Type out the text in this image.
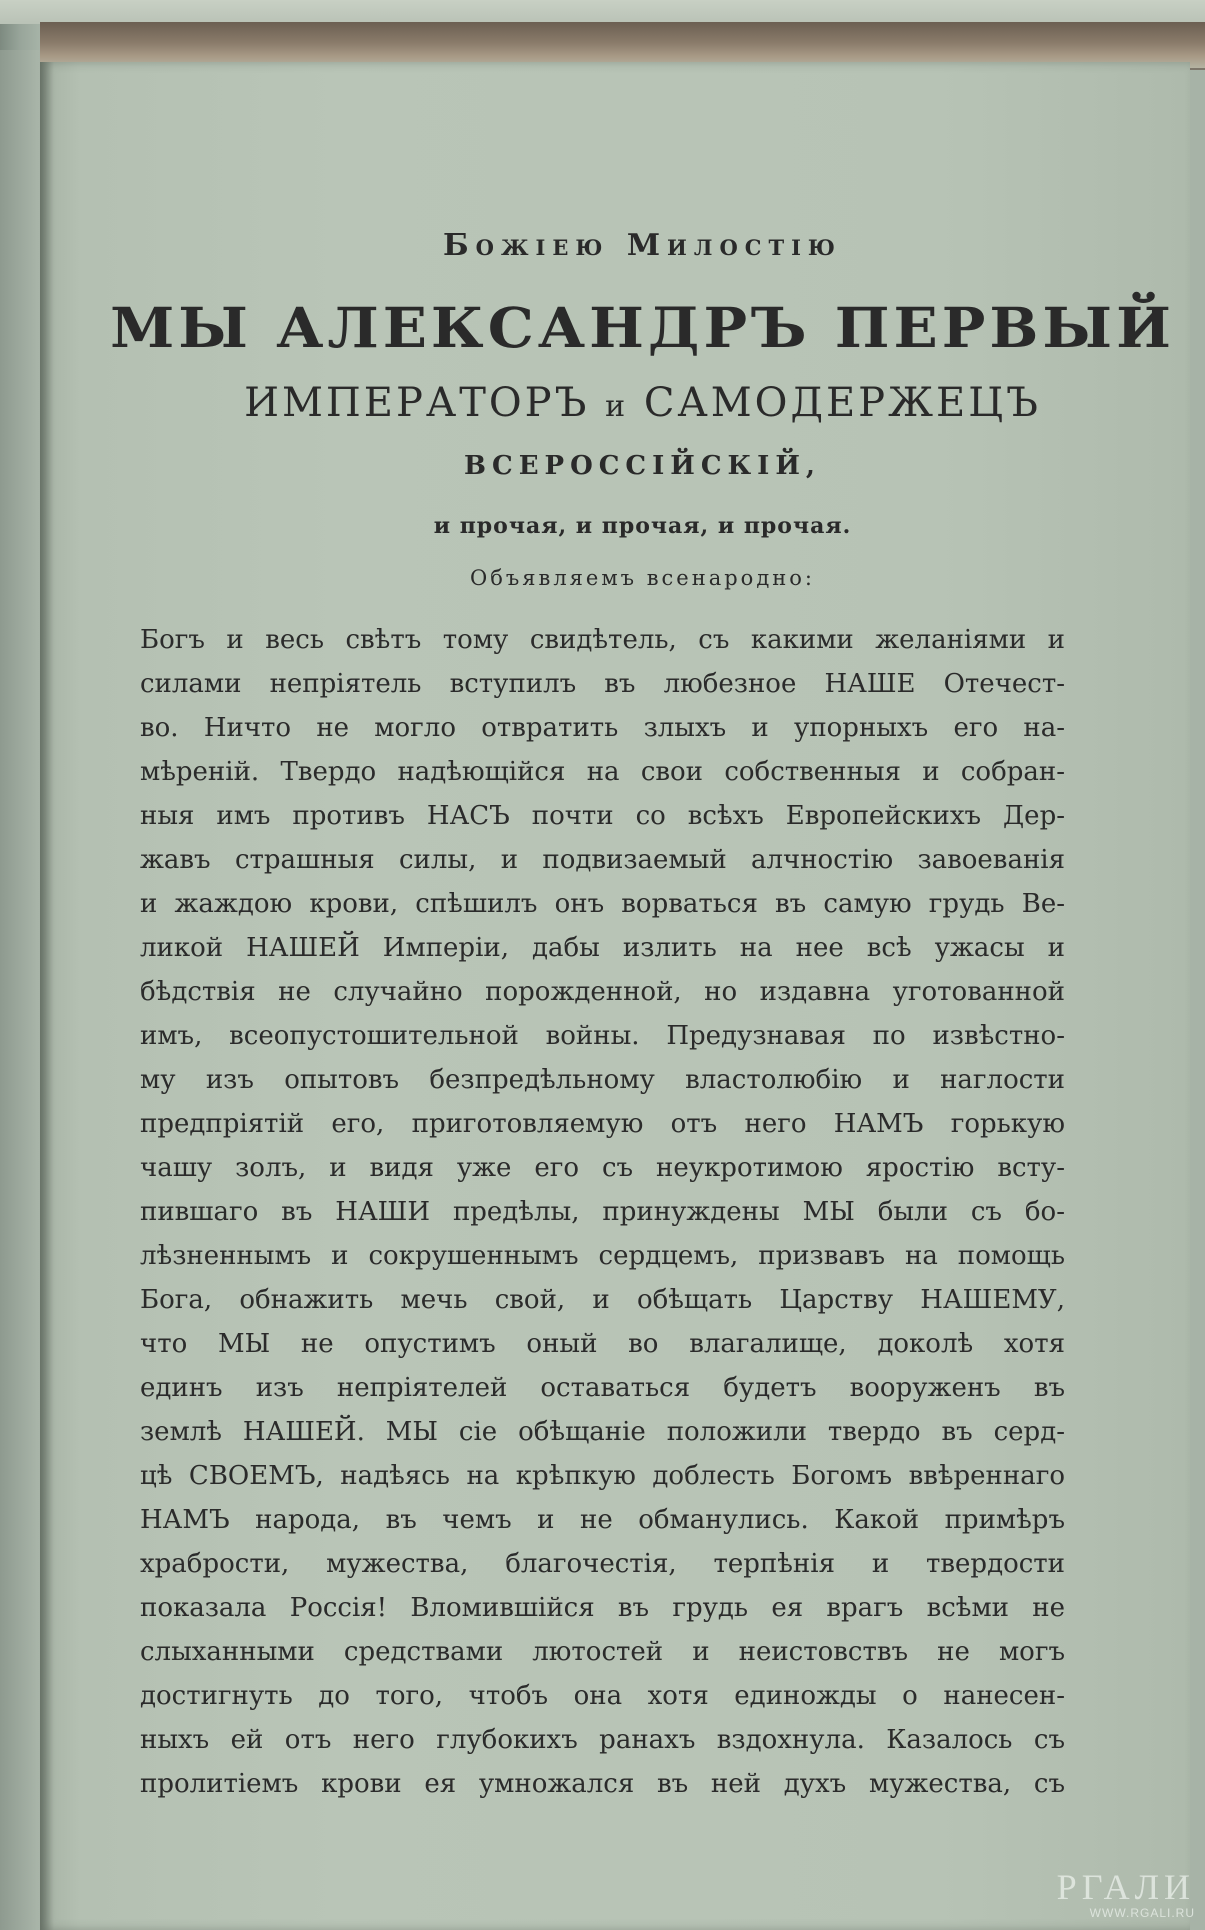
Божiею Милостiю
МЫ АЛЕКСАНДРЪ ПЕРВЫЙ
ИМПЕРАТОРЪ и САМОДЕРЖЕЦЪ
ВСЕРОССIЙСКIЙ,
и прочая, и прочая, и прочая.
Объявляемъ всенародно:
Богъ и весь свѣтъ тому свидѣтель, съ какими желанiями и
силами непрiятель вступилъ въ любезное НАШЕ Отечест-
во. Ничто не могло отвратить злыхъ и упорныхъ его на-
мѣренiй. Твердо надѣющiйся на свои собственныя и собран-
ныя имъ противъ НАСЪ почти со всѣхъ Европейскихъ Дер-
жавъ страшныя силы, и подвизаемый алчностiю завоеванiя
и жаждою крови, спѣшилъ онъ ворваться въ самую грудь Ве-
ликой НАШЕЙ Имперiи, дабы излить на нее всѣ ужасы и
бѣдствiя не случайно порожденной, но издавна уготованной
имъ, всеопустошительной войны. Предузнавая по извѣстно-
му изъ опытовъ безпредѣльному властолюбiю и наглости
предпрiятiй его, приготовляемую отъ него НАМЪ горькую
чашу золъ, и видя уже его съ неукротимою яростiю всту-
пившаго въ НАШИ предѣлы, принуждены МЫ были съ бо-
лѣзненнымъ и сокрушеннымъ сердцемъ, призвавъ на помощь
Бога, обнажить мечь свой, и обѣщать Царству НАШЕМУ,
что МЫ не опустимъ оный во влагалище, доколѣ хотя
единъ изъ непрiятелей оставаться будетъ вооруженъ въ
землѣ НАШЕЙ. МЫ сiе обѣщанiе положили твердо въ серд-
цѣ СВОЕМЪ, надѣясь на крѣпкую доблесть Богомъ ввѣреннаго
НАМЪ народа, въ чемъ и не обманулись. Какой примѣръ
храбрости, мужества, благочестiя, терпѣнiя и твердости
показала Россiя! Вломившiйся въ грудь ея врагъ всѣми не
слыханными средствами лютостей и неистовствъ не могъ
достигнуть до того, чтобъ она хотя единожды о нанесен-
ныхъ ей отъ него глубокихъ ранахъ вздохнула. Казалось съ
пролитiемъ крови ея умножался въ ней духъ мужества, съ
РГАЛИ
WWW.RGALI.RU
